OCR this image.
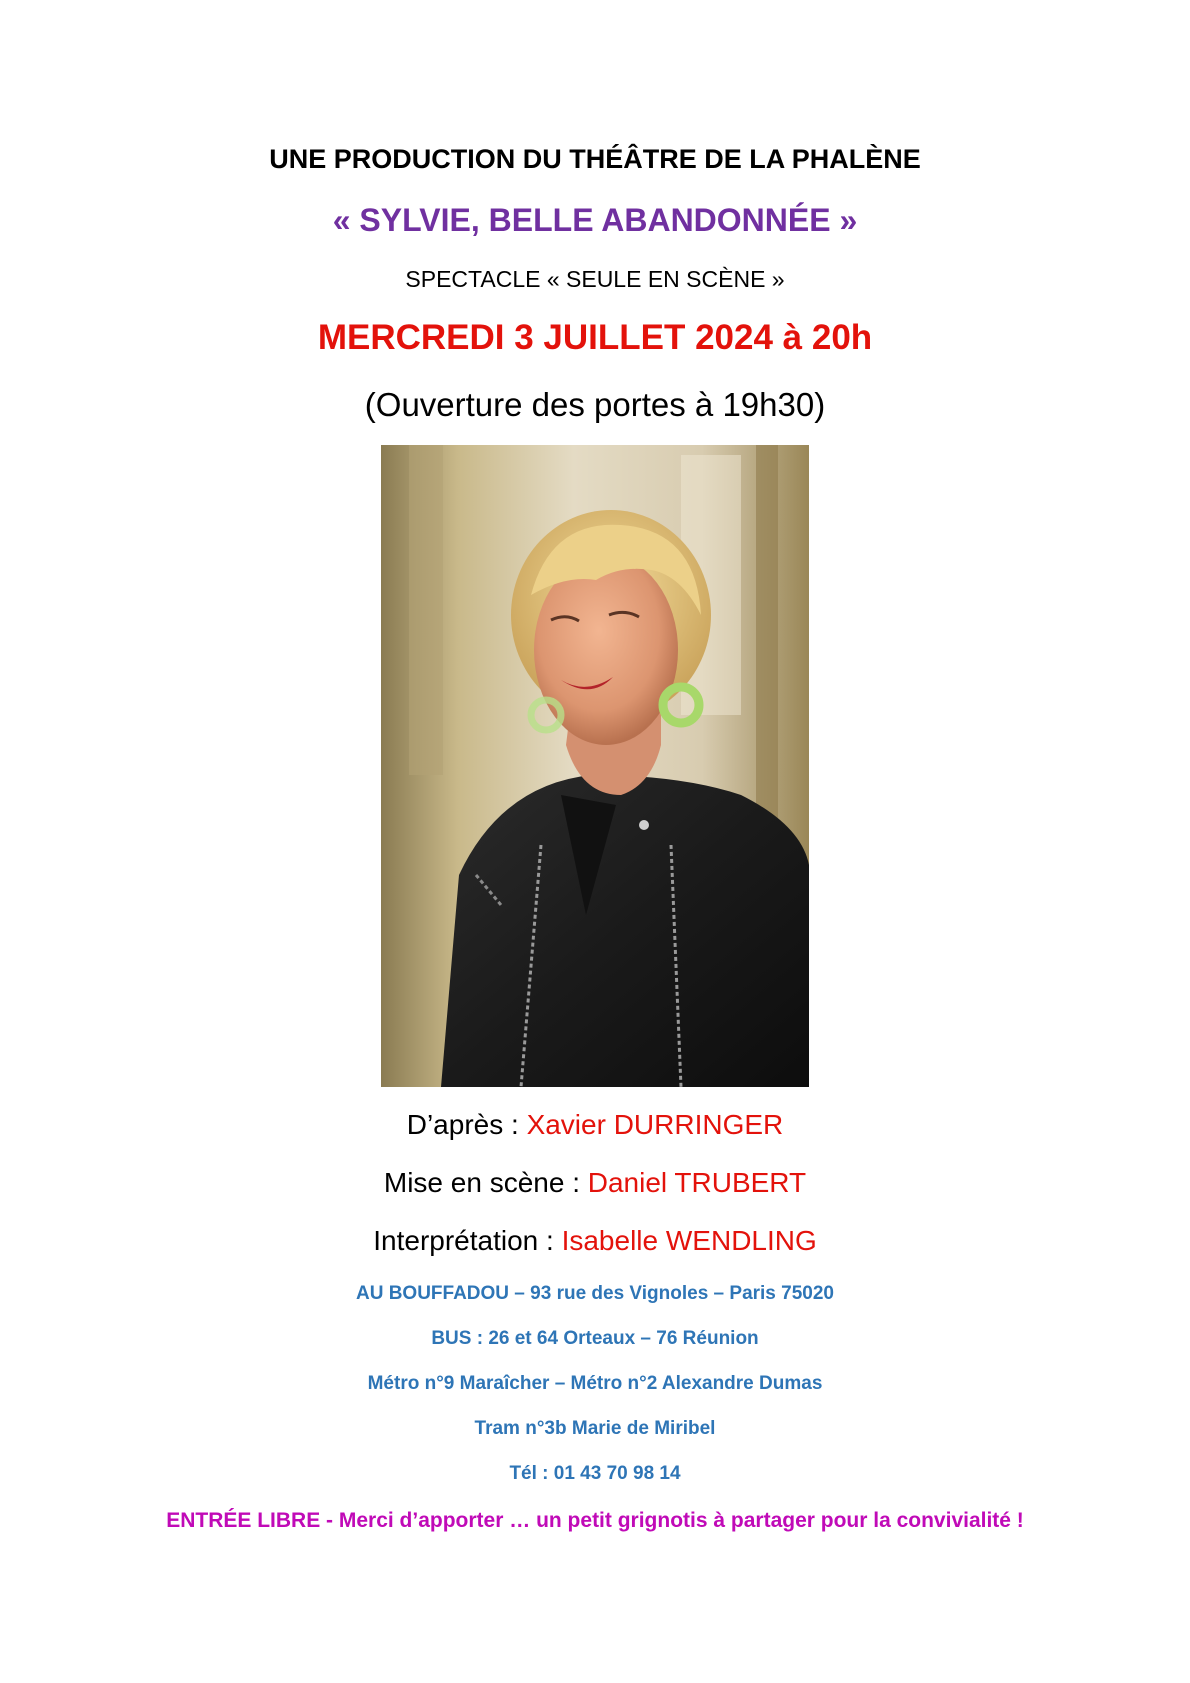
UNE PRODUCTION DU THÉÂTRE DE LA PHALÈNE
« SYLVIE, BELLE ABANDONNÉE »
SPECTACLE « SEULE EN SCÈNE »
MERCREDI 3 JUILLET 2024 à 20h
(Ouverture des portes à 19h30)
D’après : Xavier DURRINGER
Mise en scène : Daniel TRUBERT
Interprétation : Isabelle WENDLING
AU BOUFFADOU – 93 rue des Vignoles – Paris 75020
BUS : 26 et 64 Orteaux – 76 Réunion
Métro n°9 Maraîcher – Métro n°2 Alexandre Dumas
Tram n°3b Marie de Miribel
Tél : 01 43 70 98 14
ENTRÉE LIBRE - Merci d’apporter … un petit grignotis à partager pour la convivialité !
